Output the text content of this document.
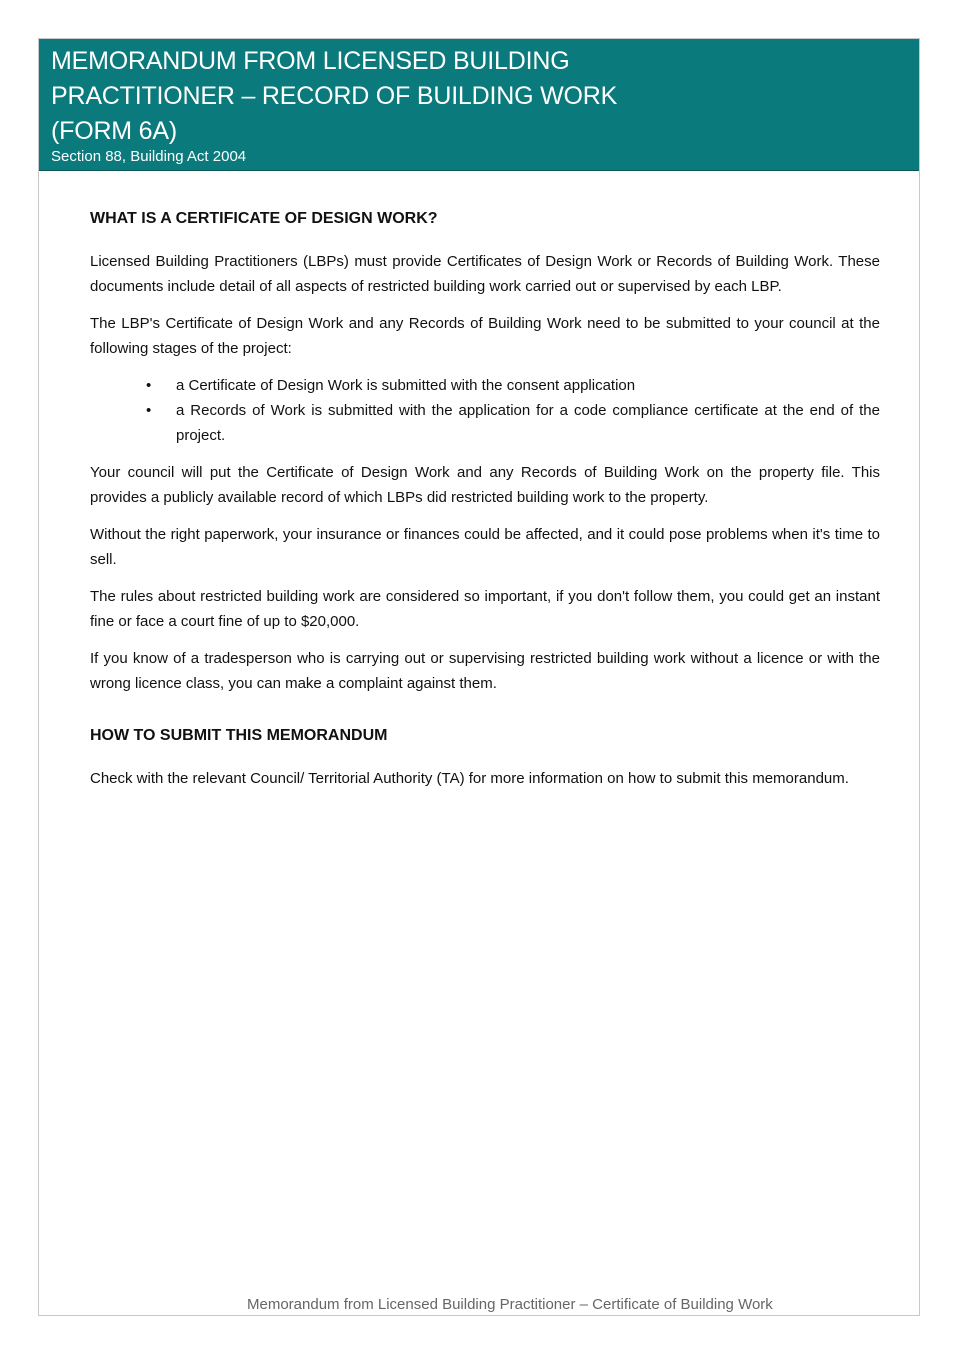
MEMORANDUM FROM LICENSED BUILDING
PRACTITIONER – RECORD OF BUILDING WORK
(FORM 6A)
Section 88, Building Act 2004
WHAT IS A CERTIFICATE OF DESIGN WORK?

Licensed Building Practitioners (LBPs) must provide Certificates of Design Work or Records of Building Work. These documents include detail of all aspects of restricted building work carried out or supervised by each LBP.

The LBP's Certificate of Design Work and any Records of Building Work need to be submitted to your council at the following stages of the project:

• a Certificate of Design Work is submitted with the consent application
• a Records of Work is submitted with the application for a code compliance certificate at the end of the project.

Your council will put the Certificate of Design Work and any Records of Building Work on the property file. This provides a publicly available record of which LBPs did restricted building work to the property.

Without the right paperwork, your insurance or finances could be affected, and it could pose problems when it's time to sell.

The rules about restricted building work are considered so important, if you don't follow them, you could get an instant fine or face a court fine of up to $20,000.

If you know of a tradesperson who is carrying out or supervising restricted building work without a licence or with the wrong licence class, you can make a complaint against them.

HOW TO SUBMIT THIS MEMORANDUM

Check with the relevant Council/ Territorial Authority (TA) for more information on how to submit this memorandum.

Memorandum from Licensed Building Practitioner – Certificate of Building Work
